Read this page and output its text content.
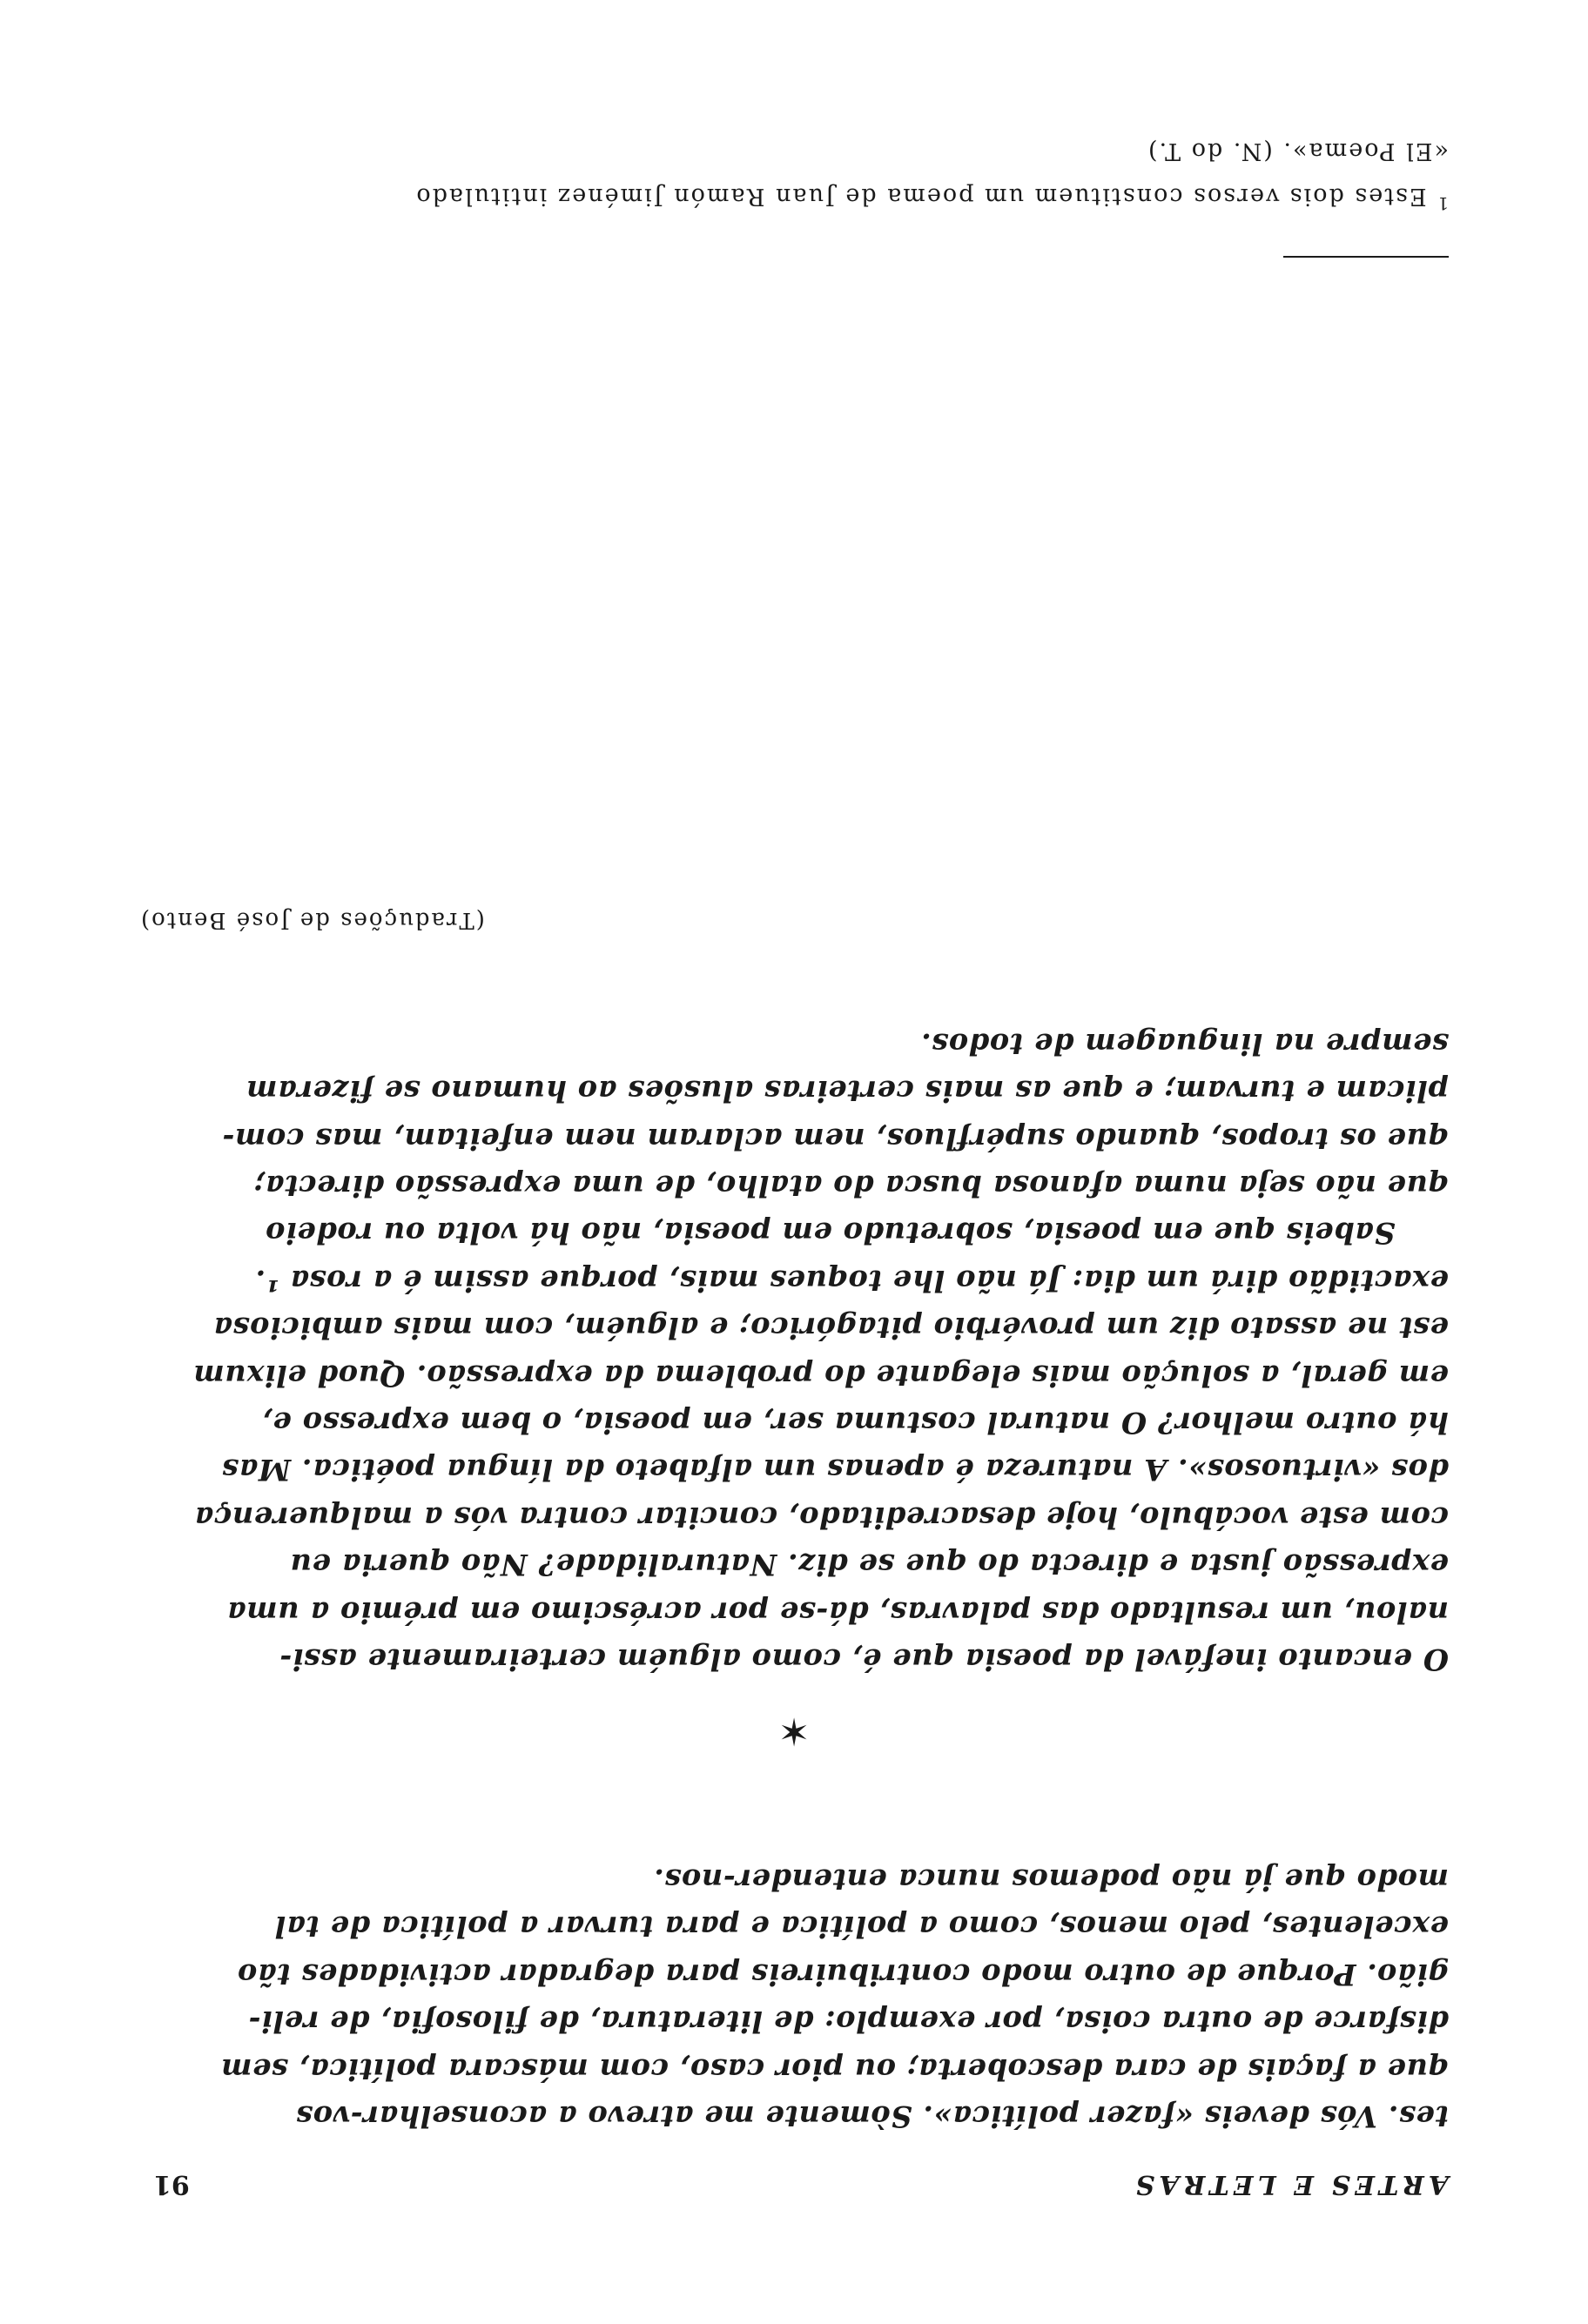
ARTES E LETRAS
91

tes. Vós deveis «fazer política». Sòmente me atrevo a aconselhar-vos
que a façais de cara descoberta; ou pior caso, com máscara política, sem
disfarce de outra coisa, por exemplo: de literatura, de filosofia, de reli-
gião. Porque de outro modo contribuireis para degradar actividades tão
excelentes, pelo menos, como a política e para turvar a política de tal
modo que já não podemos nunca entender-nos.

✶

O encanto inefável da poesia que é, como alguém certeiramente assi-
nalou, um resultado das palavras, dá-se por acréscimo em prémio a uma
expressão justa e directa do que se diz. Naturalidade? Não queria eu
com este vocábulo, hoje desacreditado, concitar contra vós a malquerença
dos «virtuosos». A natureza é apenas um alfabeto da língua poética. Mas
há outro melhor? O natural costuma ser, em poesia, o bem expresso e,
em geral, a solução mais elegante do problema da expressão. Quod elixum
est ne assato diz um provérbio pitagórico; e alguém, com mais ambiciosa
exactidão dirá um dia: Já não lhe toques mais, porque assim é a rosa ¹.
Sabeis que em poesia, sobretudo em poesia, não há volta ou rodeio
que não seja numa afanosa busca do atalho, de uma expressão directa;
que os tropos, quando supérfluos, nem aclaram nem enfeitam, mas com-
plicam e turvam; e que as mais certeiras alusões ao humano se fizeram
sempre na linguagem de todos.

(Traduções de José Bento)

$^1$ Estes dois versos constituem um poema de Juan Ramón Jiménez intitulado
«El Poema». (N. do T.)
